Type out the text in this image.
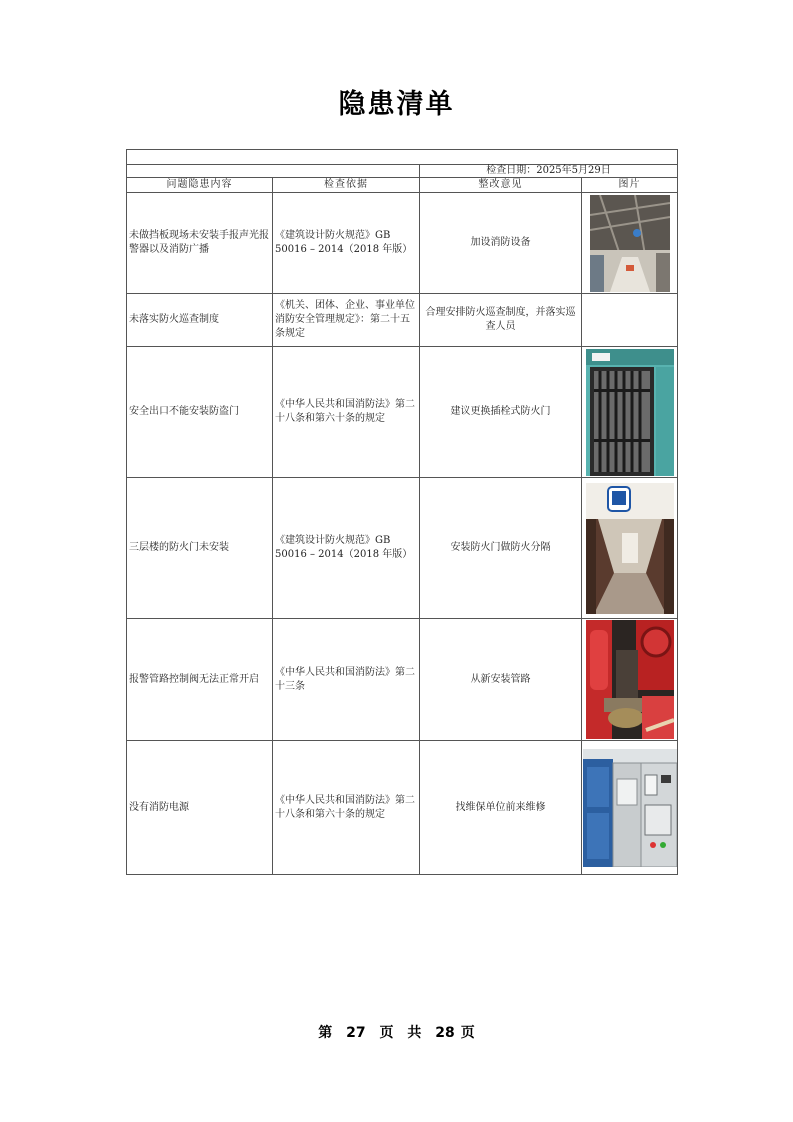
隐患清单

		检查日期：2025年5月29日	
问题隐患内容	检查依据	整改意见	图片
未做挡板现场未安装手报声光报警器以及消防广播	《建筑设计防火规范》GB 50016 – 2014（2018 年版）	加设消防设备	

未落实防火巡查制度	《机关、团体、企业、事业单位消防安全管理规定》：第二十五条规定	合理安排防火巡查制度，并落实巡查人员	
安全出口不能安装防盗门	《中华人民共和国消防法》第二十八条和第六十条的规定	建议更换插栓式防火门	

三层楼的防火门未安装	《建筑设计防火规范》GB 50016 – 2014（2018 年版）	安装防火门做防火分隔	

报警管路控制阀无法正常开启	《中华人民共和国消防法》第二十三条	从新安装管路	

没有消防电源	《中华人民共和国消防法》第二十八条和第六十条的规定	找维保单位前来维修	
第 27 页 共 28 页
